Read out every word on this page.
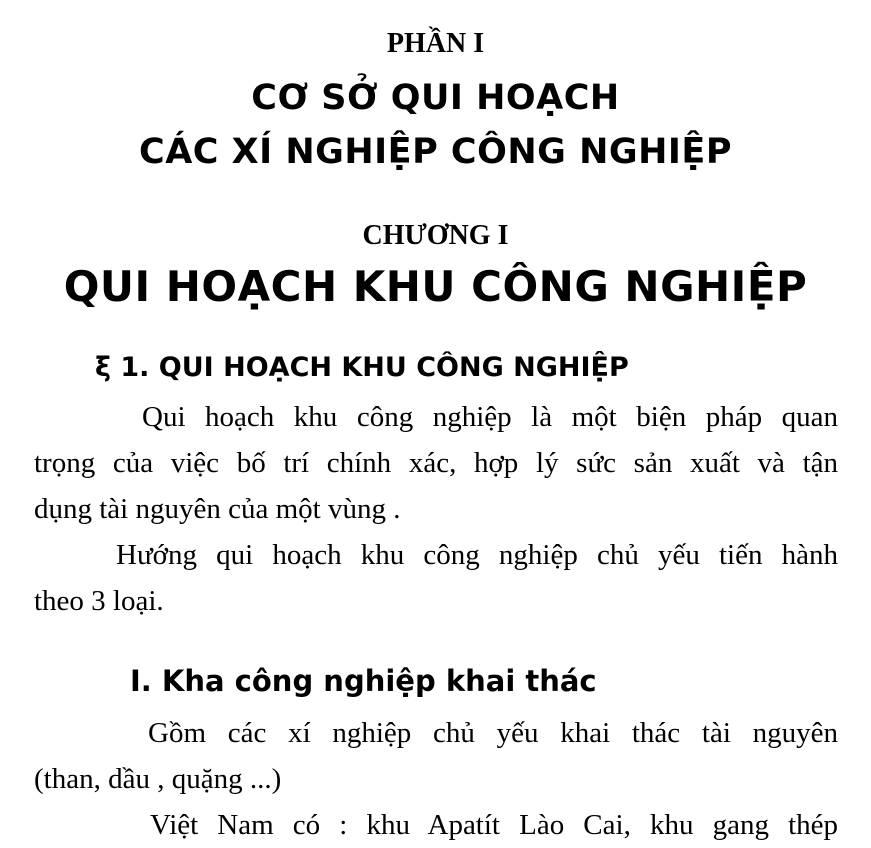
PHẦN I
CƠ SỞ QUI HOẠCH
CÁC XÍ NGHIỆP CÔNG NGHIỆP
CHƯƠNG I
QUI HOẠCH KHU CÔNG NGHIỆP
ξ 1. QUI HOẠCH KHU CÔNG NGHIỆP
Qui hoạch khu công nghiệp là một biện pháp quan
trọng của việc bố trí chính xác, hợp lý sức sản xuất và tận
dụng tài nguyên của một vùng .
Hướng qui hoạch khu công nghiệp chủ yếu tiến hành
theo 3 loại.
I. Kha công nghiệp khai thác
Gồm các xí nghiệp chủ yếu khai thác tài nguyên
(than, dầu , quặng ...)
Việt Nam có : khu Apatít Lào Cai, khu gang thép
